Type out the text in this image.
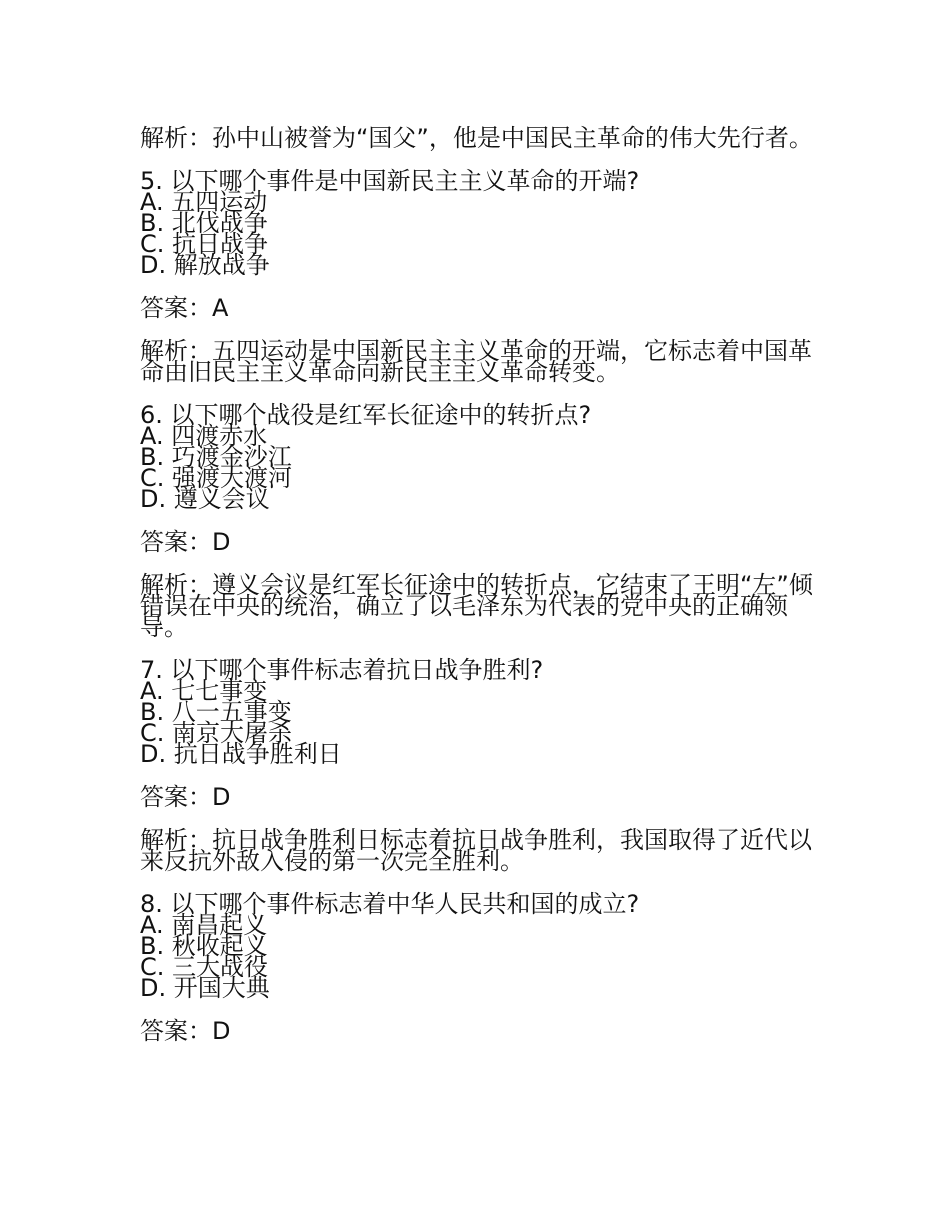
解析：孙中山被誉为“国父”，他是中国民主革命的伟大先行者。

5. 以下哪个事件是中国新民主主义革命的开端?
A. 五四运动
B. 北伐战争
C. 抗日战争
D. 解放战争

答案：A

解析：五四运动是中国新民主主义革命的开端，它标志着中国革命由旧民主主义革命向新民主主义革命转变。

6. 以下哪个战役是红军长征途中的转折点?
A. 四渡赤水
B. 巧渡金沙江
C. 强渡大渡河
D. 遵义会议

答案：D

解析：遵义会议是红军长征途中的转折点，它结束了王明“左”倾错误在中央的统治，确立了以毛泽东为代表的党中央的正确领导。

7. 以下哪个事件标志着抗日战争胜利?
A. 七七事变
B. 八一五事变
C. 南京大屠杀
D. 抗日战争胜利日

答案：D

解析：抗日战争胜利日标志着抗日战争胜利，我国取得了近代以来反抗外敌入侵的第一次完全胜利。

8. 以下哪个事件标志着中华人民共和国的成立?
A. 南昌起义
B. 秋收起义
C. 三大战役
D. 开国大典

答案：D
